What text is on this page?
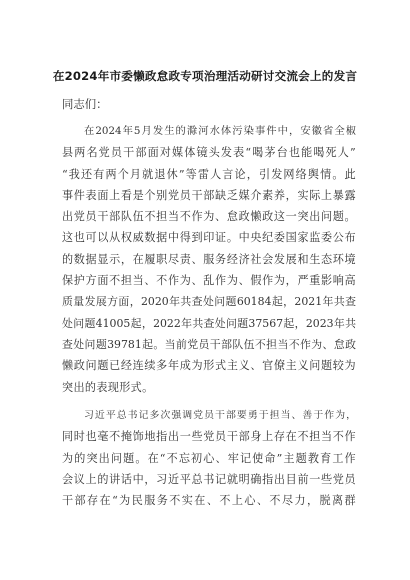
在2024年市委懒政怠政专项治理活动研讨交流会上的发言
同志们：
在2024年5月发生的滁河水体污染事件中，安徽省全椒
县两名党员干部面对媒体镜头发表“喝茅台也能喝死人”
“我还有两个月就退休”等雷人言论，引发网络舆情。此
事件表面上看是个别党员干部缺乏媒介素养，实际上暴露
出党员干部队伍不担当不作为、怠政懒政这一突出问题。
这也可以从权威数据中得到印证。中央纪委国家监委公布
的数据显示，在履职尽责、服务经济社会发展和生态环境
保护方面不担当、不作为、乱作为、假作为，严重影响高
质量发展方面，2020年共查处问题60184起，2021年共查
处问题41005起，2022年共查处问题37567起，2023年共
查处问题39781起。当前党员干部队伍不担当不作为、怠政
懒政问题已经连续多年成为形式主义、官僚主义问题较为
突出的表现形式。
习近平总书记多次强调党员干部要勇于担当、善于作为，
同时也毫不掩饰地指出一些党员干部身上存在不担当不作
为的突出问题。在“不忘初心、牢记使命”主题教育工作
会议上的讲话中，习近平总书记就明确指出目前一些党员
干部存在“为民服务不实在、不上心、不尽力，脱离群
